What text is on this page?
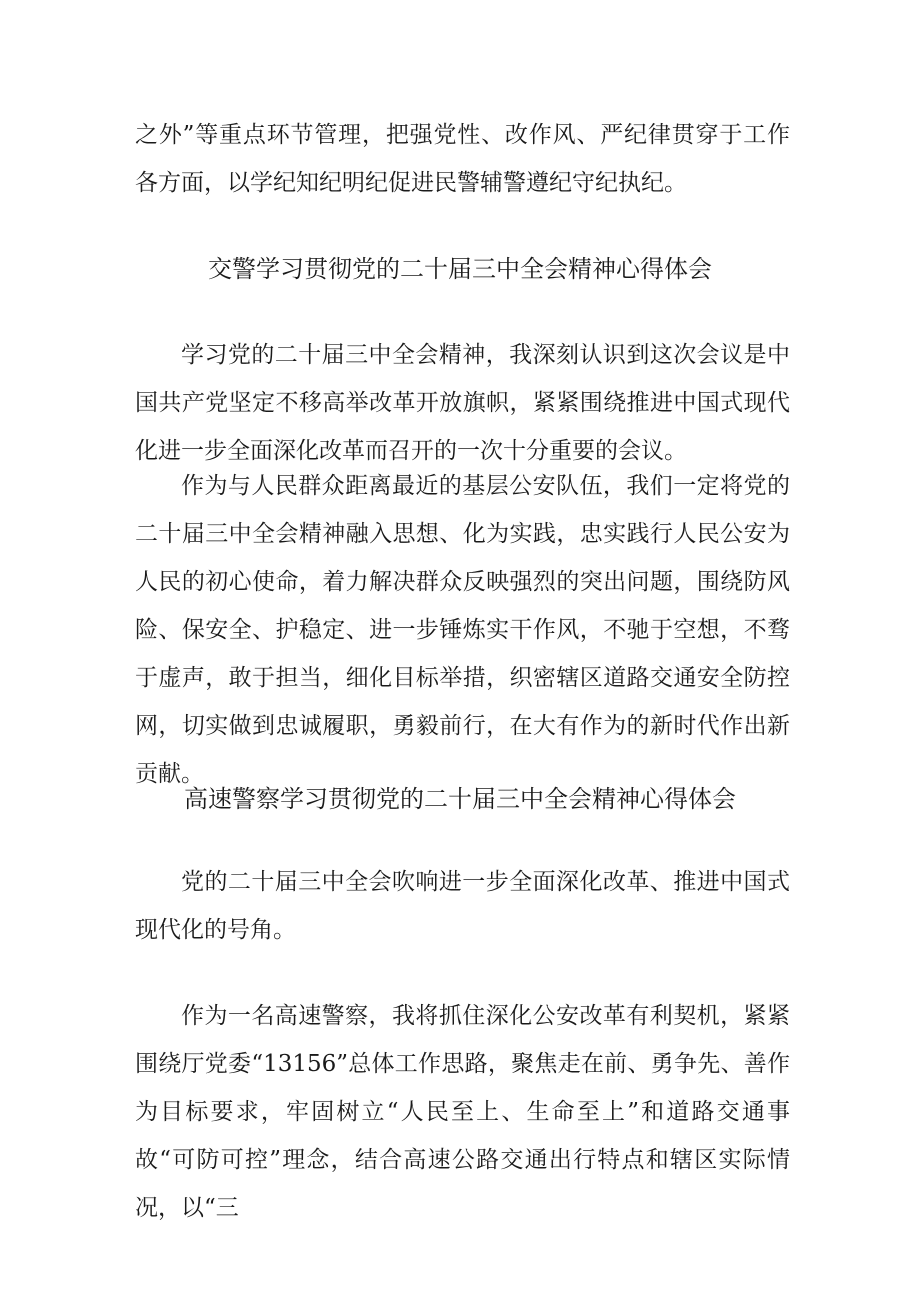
之外”等重点环节管理，把强党性、改作风、严纪律贯穿于工作各方面，以学纪知纪明纪促进民警辅警遵纪守纪执纪。

交警学习贯彻党的二十届三中全会精神心得体会

学习党的二十届三中全会精神，我深刻认识到这次会议是中国共产党坚定不移高举改革开放旗帜，紧紧围绕推进中国式现代化进一步全面深化改革而召开的一次十分重要的会议。

作为与人民群众距离最近的基层公安队伍，我们一定将党的二十届三中全会精神融入思想、化为实践，忠实践行人民公安为人民的初心使命，着力解决群众反映强烈的突出问题，围绕防风险、保安全、护稳定、进一步锤炼实干作风，不驰于空想，不骛于虚声，敢于担当，细化目标举措，织密辖区道路交通安全防控网，切实做到忠诚履职，勇毅前行，在大有作为的新时代作出新贡献。

高速警察学习贯彻党的二十届三中全会精神心得体会

党的二十届三中全会吹响进一步全面深化改革、推进中国式现代化的号角。

作为一名高速警察，我将抓住深化公安改革有利契机，紧紧围绕厅党委“13156”总体工作思路，聚焦走在前、勇争先、善作为目标要求，牢固树立“人民至上、生命至上”和道路交通事故“可防可控”理念，结合高速公路交通出行特点和辖区实际情况，以“三
